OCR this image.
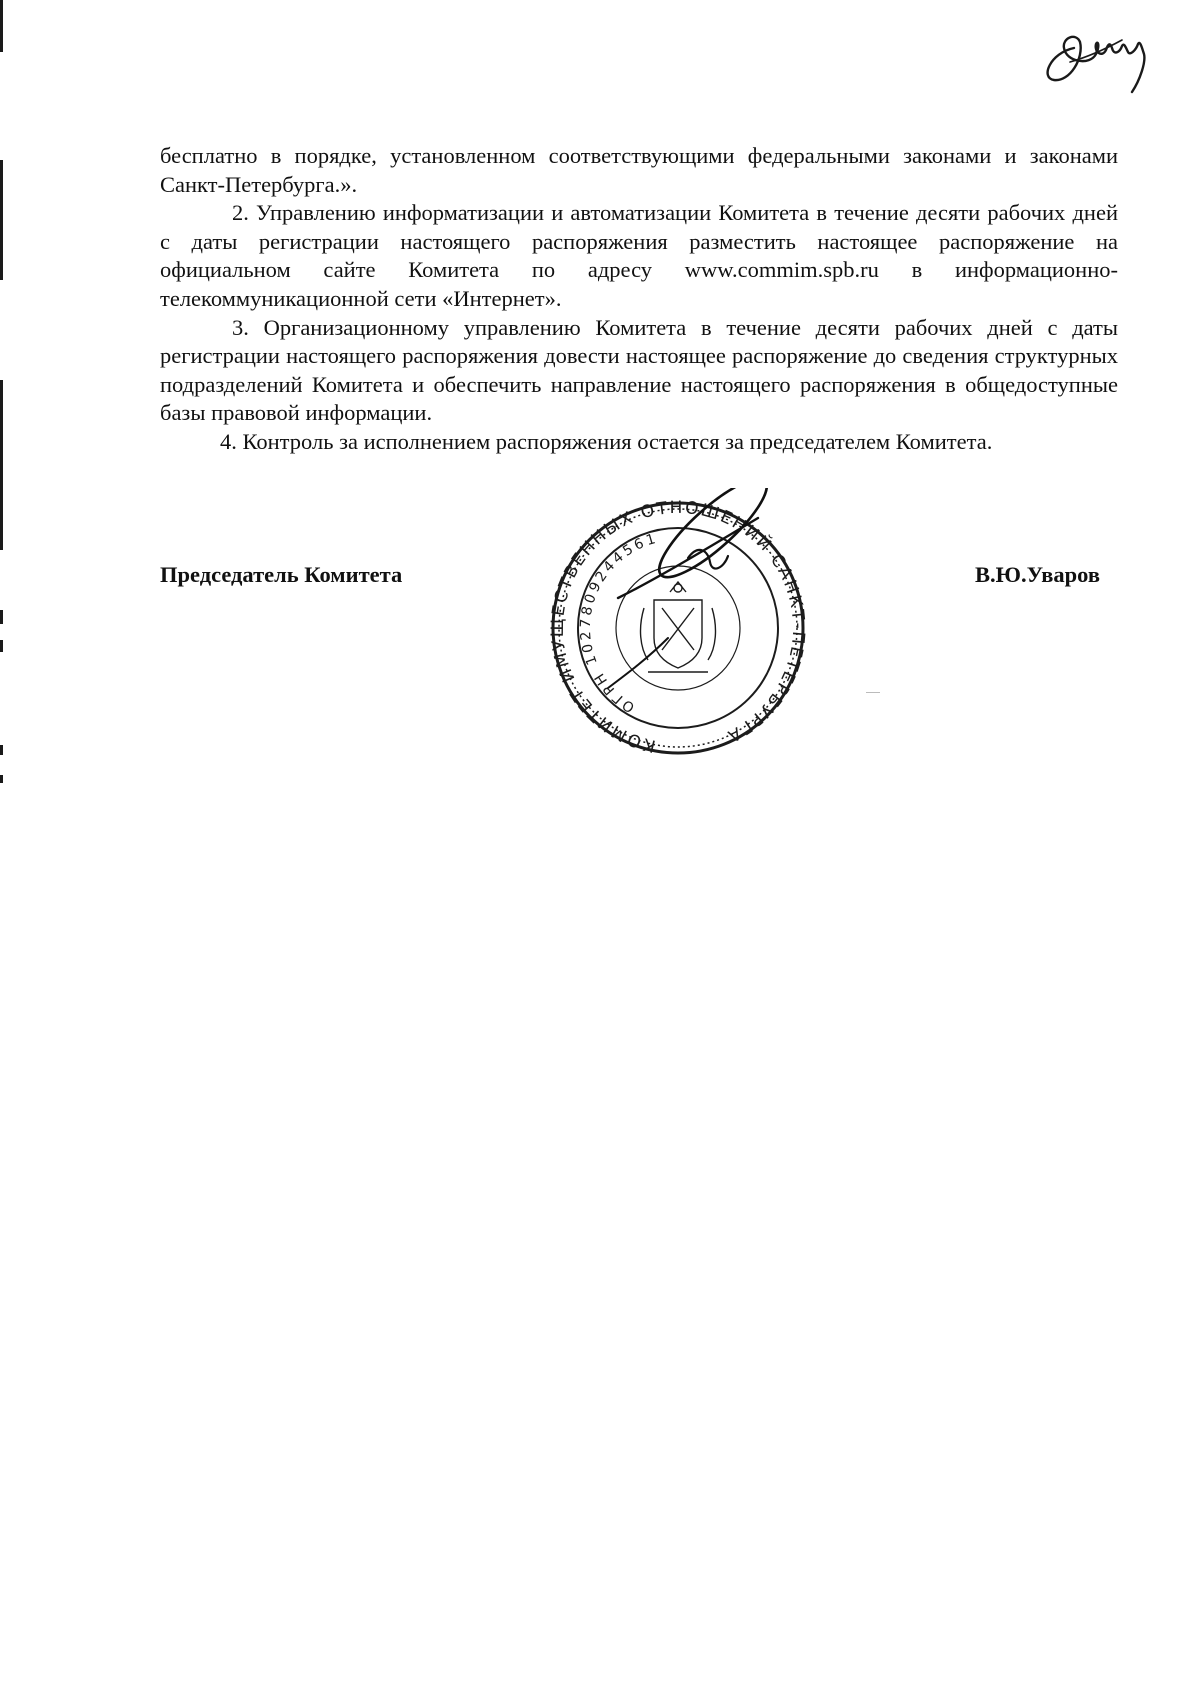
бесплатно в порядке, установленном соответствующими федеральными законами и законами Санкт-Петербурга.».

2. Управлению информатизации и автоматизации Комитета в течение десяти рабочих дней с даты регистрации настоящего распоряжения разместить настоящее распоряжение на официальном сайте Комитета по адресу www.commim.spb.ru в информационно-телекоммуникационной сети «Интернет».

3. Организационному управлению Комитета в течение десяти рабочих дней с даты регистрации настоящего распоряжения довести настоящее распоряжение до сведения структурных подразделений Комитета и обеспечить направление настоящего распоряжения в общедоступные базы правовой информации.

4. Контроль за исполнением распоряжения остается за председателем Комитета.

Председатель Комитета	В.Ю.Уваров
КОМИТЕТ ИМУЩЕСТВЕННЫХ ОТНОШЕНИЙ САНКТ-ПЕТЕРБУРГА
ОГРН 1027809244561
